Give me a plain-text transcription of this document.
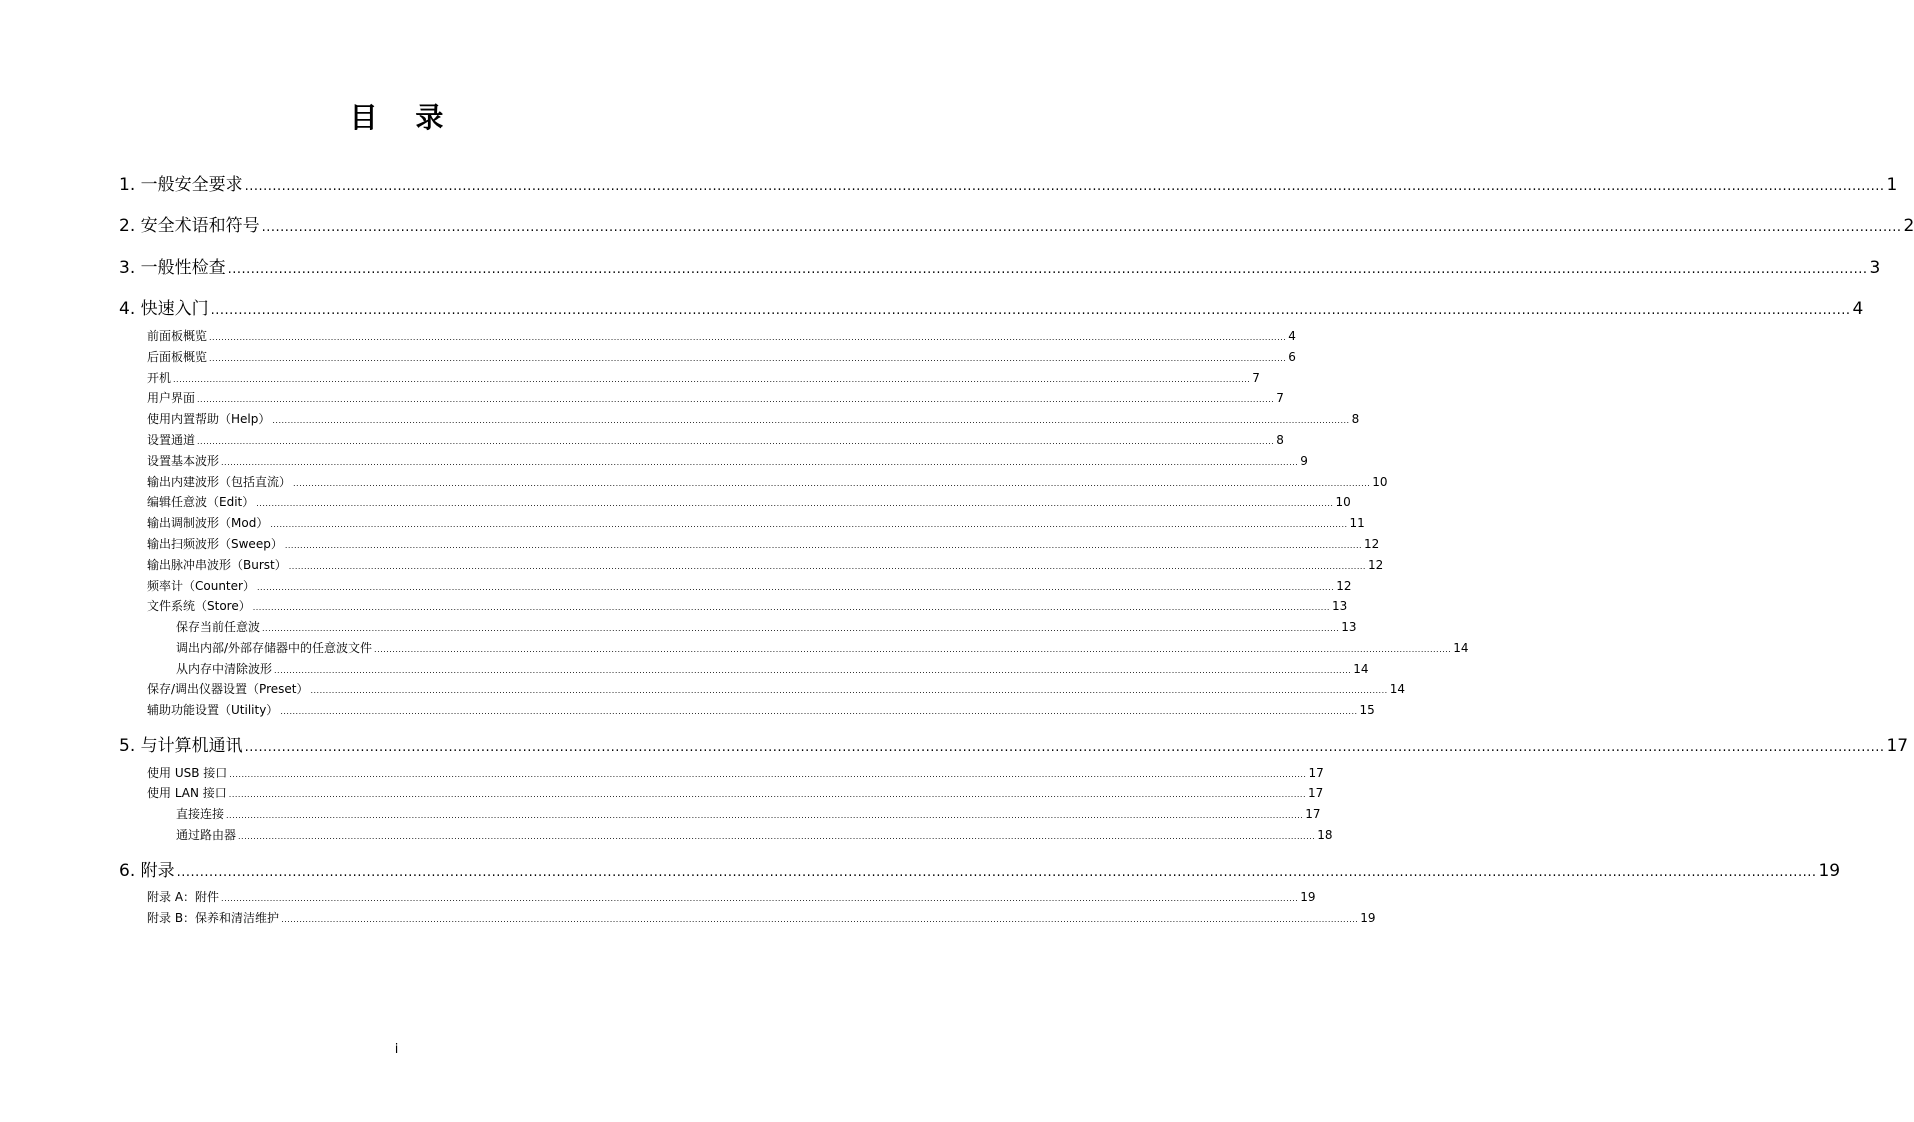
目 录
1. 一般安全要求 .................................................................................................................................................................................................................................................................................................................................................................. 1
2. 安全术语和符号 .................................................................................................................................................................................................................................................................................................................................................................. 2
3. 一般性检查 .................................................................................................................................................................................................................................................................................................................................................................. 3
4. 快速入门 .................................................................................................................................................................................................................................................................................................................................................................. 4
前面板概览 .................................................................................................................................................................................................................................................................................................................................................................. 4
后面板概览 .................................................................................................................................................................................................................................................................................................................................................................. 6
开机 .................................................................................................................................................................................................................................................................................................................................................................. 7
用户界面 .................................................................................................................................................................................................................................................................................................................................................................. 7
使用内置帮助（Help） .................................................................................................................................................................................................................................................................................................................................................................. 8
设置通道 .................................................................................................................................................................................................................................................................................................................................................................. 8
设置基本波形 .................................................................................................................................................................................................................................................................................................................................................................. 9
输出内建波形（包括直流） .................................................................................................................................................................................................................................................................................................................................................................. 10
编辑任意波（Edit） .................................................................................................................................................................................................................................................................................................................................................................. 10
输出调制波形（Mod） .................................................................................................................................................................................................................................................................................................................................................................. 11
输出扫频波形（Sweep） .................................................................................................................................................................................................................................................................................................................................................................. 12
输出脉冲串波形（Burst） .................................................................................................................................................................................................................................................................................................................................................................. 12
频率计（Counter） .................................................................................................................................................................................................................................................................................................................................................................. 12
文件系统（Store） .................................................................................................................................................................................................................................................................................................................................................................. 13
保存当前任意波 .................................................................................................................................................................................................................................................................................................................................................................. 13
调出内部/外部存储器中的任意波文件 .................................................................................................................................................................................................................................................................................................................................................................. 14
从内存中清除波形 .................................................................................................................................................................................................................................................................................................................................................................. 14
保存/调出仪器设置（Preset） .................................................................................................................................................................................................................................................................................................................................................................. 14
辅助功能设置（Utility） .................................................................................................................................................................................................................................................................................................................................................................. 15
5. 与计算机通讯 .................................................................................................................................................................................................................................................................................................................................................................. 17
使用 USB 接口 .................................................................................................................................................................................................................................................................................................................................................................. 17
使用 LAN 接口 .................................................................................................................................................................................................................................................................................................................................................................. 17
直接连接 .................................................................................................................................................................................................................................................................................................................................................................. 17
通过路由器 .................................................................................................................................................................................................................................................................................................................................................................. 18
6. 附录 .................................................................................................................................................................................................................................................................................................................................................................. 19
附录 A：附件 .................................................................................................................................................................................................................................................................................................................................................................. 19
附录 B：保养和清洁维护 .................................................................................................................................................................................................................................................................................................................................................................. 19
i
